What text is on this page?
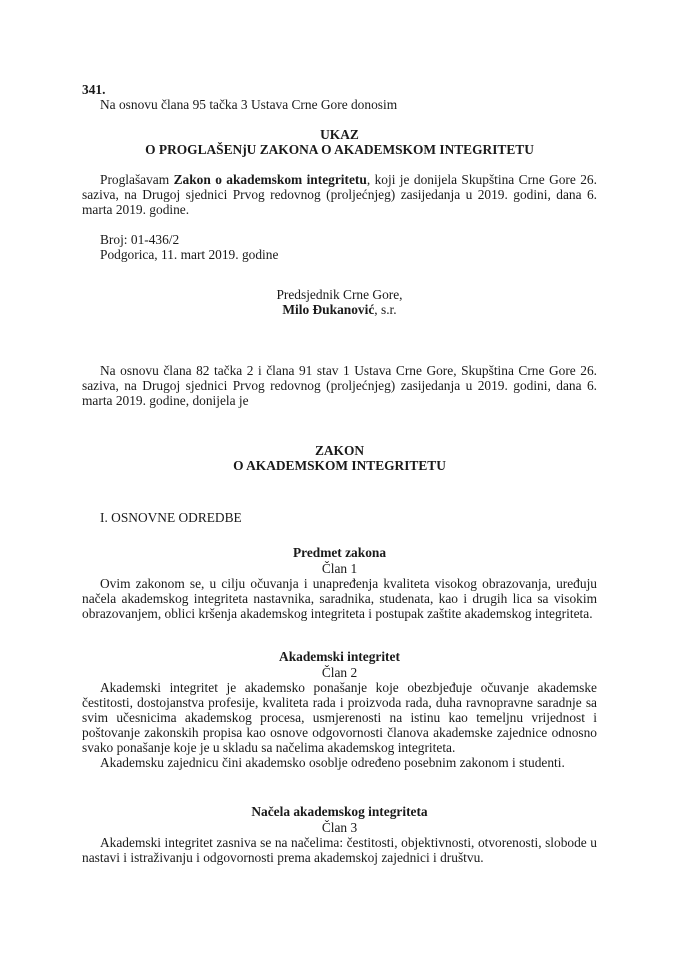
341.
Na osnovu člana 95 tačka 3 Ustava Crne Gore donosim
UKAZ
O PROGLAŠENjU ZAKONA O AKADEMSKOM INTEGRITETU

Proglašavam Zakon o akademskom integritetu, koji je donijela Skupština Crne Gore 26. saziva, na Drugoj sjednici Prvog redovnog (proljećnjeg) zasijedanja u 2019. godini, dana 6. marta 2019. godine.

Broj: 01-436/2
Podgorica, 11. mart 2019. godine
Predsjednik Crne Gore,
Milo Đukanović, s.r.

Na osnovu člana 82 tačka 2 i člana 91 stav 1 Ustava Crne Gore, Skupština Crne Gore 26. saziva, na Drugoj sjednici Prvog redovnog (proljećnjeg) zasijedanja u 2019. godini, dana 6. marta 2019. godine, donijela je

ZAKON
O AKADEMSKOM INTEGRITETU
I. OSNOVNE ODREDBE
Predmet zakona
Član 1

Ovim zakonom se, u cilju očuvanja i unapređenja kvaliteta visokog obrazovanja, uređuju načela akademskog integriteta nastavnika, saradnika, studenata, kao i drugih lica sa visokim obrazovanjem, oblici kršenja akademskog integriteta i postupak zaštite akademskog integriteta.

Akademski integritet
Član 2

Akademski integritet je akademsko ponašanje koje obezbjeđuje očuvanje akademske čestitosti, dostojanstva profesije, kvaliteta rada i proizvoda rada, duha ravnopravne saradnje sa svim učesnicima akademskog procesa, usmjerenosti na istinu kao temeljnu vrijednost i poštovanje zakonskih propisa kao osnove odgovornosti članova akademske zajednice odnosno svako ponašanje koje je u skladu sa načelima akademskog integriteta.

Akademsku zajednicu čini akademsko osoblje određeno posebnim zakonom i studenti.

Načela akademskog integriteta
Član 3

Akademski integritet zasniva se na načelima: čestitosti, objektivnosti, otvorenosti, slobode u nastavi i istraživanju i odgovornosti prema akademskoj zajednici i društvu.
